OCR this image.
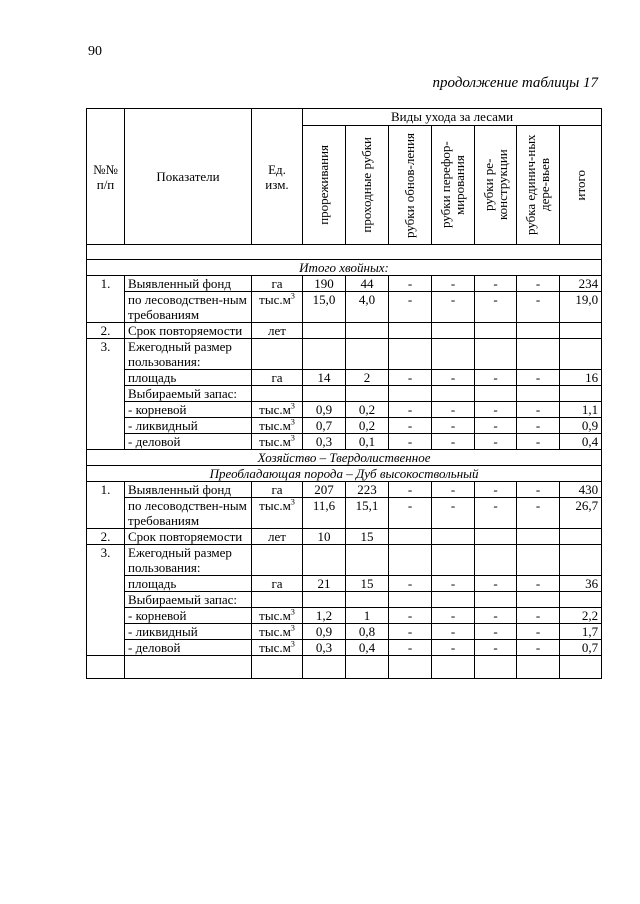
90
продолжение таблицы 17
№№ п/п	Показатели	Ед. изм.	Виды ухода за лесами						

			прореживания	проходные рубки	рубки обнов-ления	рубки перефор-мирования	рубки ре-конструкции	рубка единич-ных дере-вьев	итого

Итого хвойных:									
1.	Выявленный фонд	га	190	44	-	-	-	-	234
	по лесоводствен-ным требованиям	$тыс.м^3$	15,0	4,0	-	-	-	-	19,0
2.	Срок повторяемости	лет							
3.	Ежегодный размер пользования:								
	площадь	га	14	2	-	-	-	-	16
	Выбираемый запас:								
	- корневой	$тыс.м^3$	0,9	0,2	-	-	-	-	1,1
	- ликвидный	$тыс.м^3$	0,7	0,2	-	-	-	-	0,9
	- деловой	$тыс.м^3$	0,3	0,1	-	-	-	-	0,4
Хозяйство – Твердолиственное									
Преобладающая порода – Дуб высокоствольный									
1.	Выявленный фонд	га	207	223	-	-	-	-	430
	по лесоводствен-ным требованиям	$тыс.м^3$	11,6	15,1	-	-	-	-	26,7
2.	Срок повторяемости	лет	10	15					
3.	Ежегодный размер пользования:								
	площадь	га	21	15	-	-	-	-	36
	Выбираемый запас:								
	- корневой	$тыс.м^3$	1,2	1	-	-	-	-	2,2
	- ликвидный	$тыс.м^3$	0,9	0,8	-	-	-	-	1,7
	- деловой	$тыс.м^3$	0,3	0,4	-	-	-	-	0,7
